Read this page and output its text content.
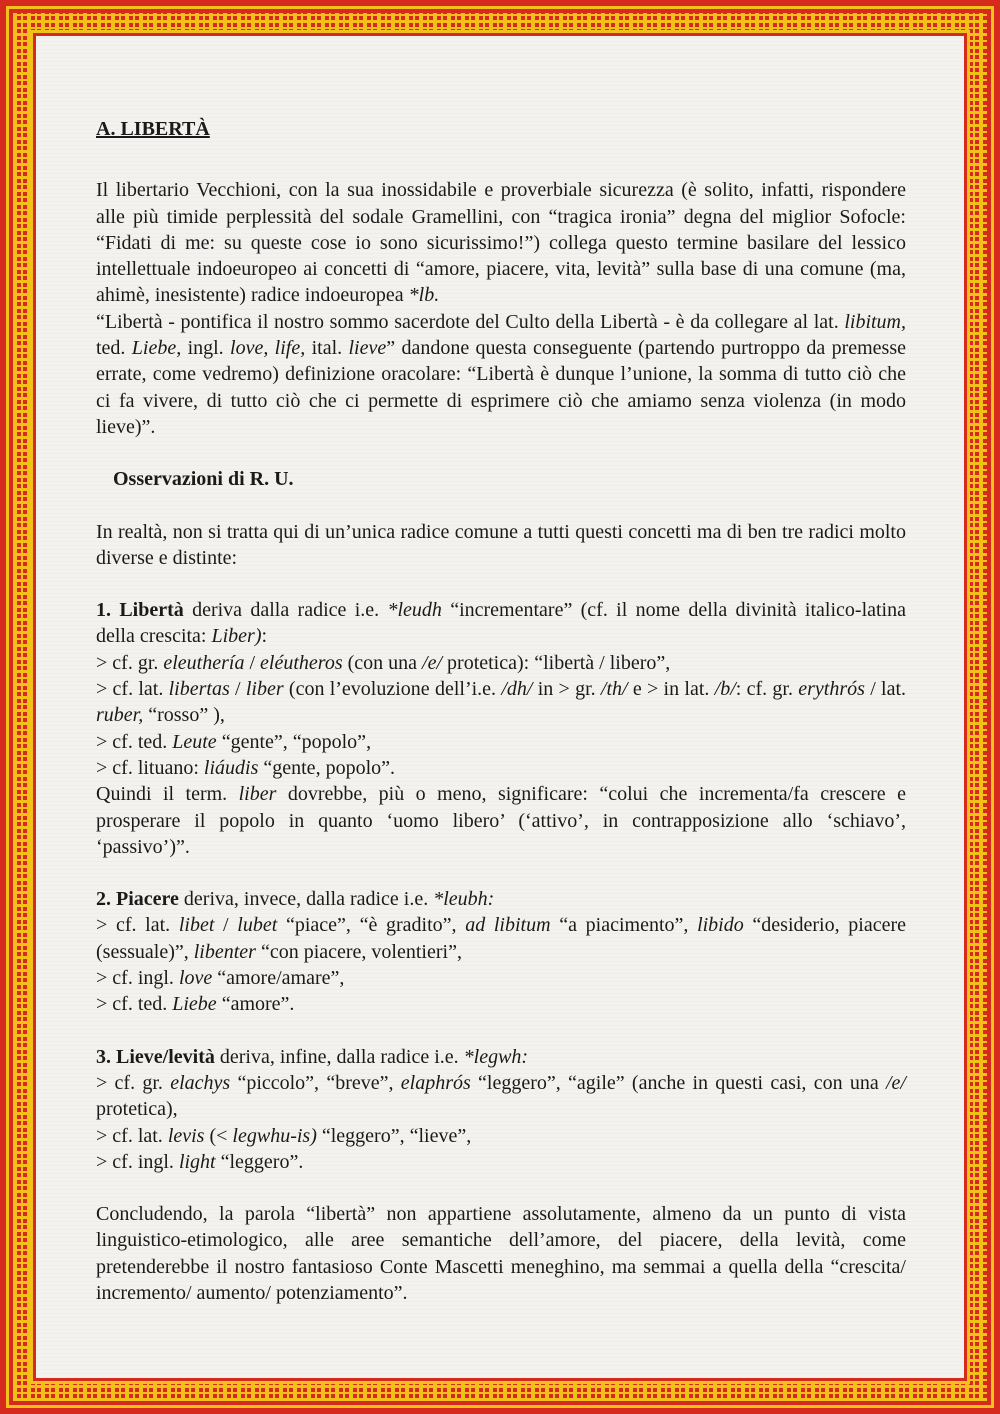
A. LIBERTÀ

Il libertario Vecchioni, con la sua inossidabile e proverbiale sicurezza (è solito, infatti, rispondere alle più timide perplessità del sodale Gramellini, con “tragica ironia” degna del miglior Sofocle: “Fidati di me: su queste cose io sono sicurissimo!”) collega questo termine basilare del lessico intellettuale indoeuropeo ai concetti di “amore, piacere, vita, levità” sulla base di una comune (ma, ahimè, inesistente) radice indoeuropea *lb.

“Libertà - pontifica il nostro sommo sacerdote del Culto della Libertà - è da collegare al lat. libitum, ted. Liebe, ingl. love, life, ital. lieve” dandone questa conseguente (partendo purtroppo da premesse errate, come vedremo) definizione oracolare: “Libertà è dunque l’unione, la somma di tutto ciò che ci fa vivere, di tutto ciò che ci permette di esprimere ciò che amiamo senza violenza (in modo lieve)”.

Osservazioni di R. U.

In realtà, non si tratta qui di un’unica radice comune a tutti questi concetti ma di ben tre radici molto diverse e distinte:

1. Libertà deriva dalla radice i.e. *leudh “incrementare” (cf. il nome della divinità italico-latina della crescita: Liber):

> cf. gr. eleuthería / eléutheros (con una /e/ protetica): “libertà / libero”,

> cf. lat. libertas / liber (con l’evoluzione dell’i.e. /dh/ in > gr. /th/ e > in lat. /b/: cf. gr. erythrós / lat. ruber, “rosso” ),

> cf. ted. Leute “gente”, “popolo”,

> cf. lituano: liáudis “gente, popolo”.

Quindi il term. liber dovrebbe, più o meno, significare: “colui che incrementa/fa crescere e prosperare il popolo in quanto ‘uomo libero’ (‘attivo’, in contrapposizione allo ‘schiavo’, ‘passivo’)”.

2. Piacere deriva, invece, dalla radice i.e. *leubh:

> cf. lat. libet / lubet “piace”, “è gradito”, ad libitum “a piacimento”, libido “desiderio, piacere (sessuale)”, libenter “con piacere, volentieri”,

> cf. ingl. love “amore/amare”,

> cf. ted. Liebe “amore”.

3. Lieve/levità deriva, infine, dalla radice i.e. *legwh:

> cf. gr. elachys “piccolo”, “breve”, elaphrós “leggero”, “agile” (anche in questi casi, con una /e/ protetica),

> cf. lat. levis (< legwhu-is) “leggero”, “lieve”,

> cf. ingl. light “leggero”.

Concludendo, la parola “libertà” non appartiene assolutamente, almeno da un punto di vista linguistico-etimologico, alle aree semantiche dell’amore, del piacere, della levità, come pretenderebbe il nostro fantasioso Conte Mascetti meneghino, ma semmai a quella della “crescita/ incremento/ aumento/ potenziamento”.
